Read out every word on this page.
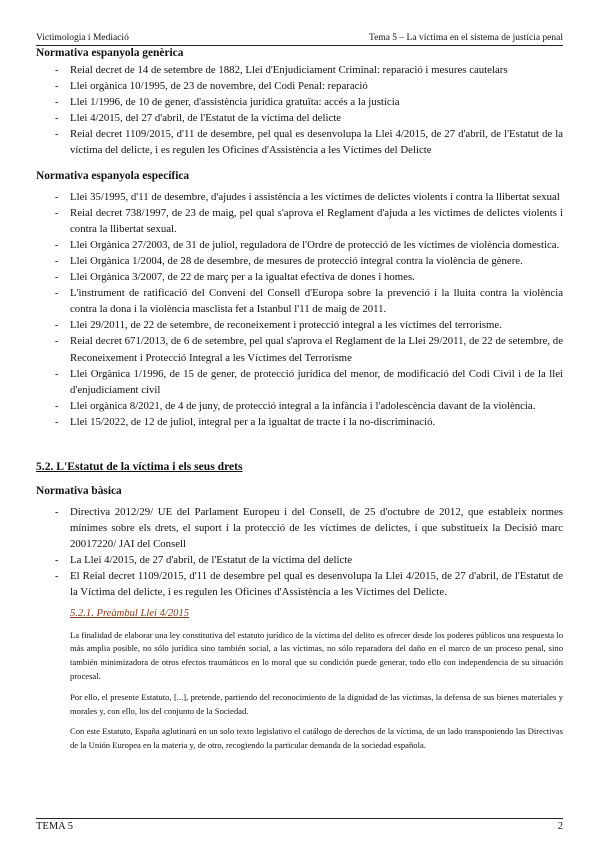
Victimologia i Mediació	Tema 5 – La víctima en el sistema de justícia penal
Normativa espanyola genèrica
- Reial decret de 14 de setembre de 1882, Llei d'Enjudiciament Criminal: reparació i mesures cautelars
- Llei orgànica 10/1995, de 23 de novembre, del Codi Penal: reparació
- Llei 1/1996, de 10 de gener, d'assistència jurídica gratuïta: accés a la justícia
- Llei 4/2015, del 27 d'abril, de l'Estatut de la víctima del delicte
- Reial decret 1109/2015, d'11 de desembre, pel qual es desenvolupa la Llei 4/2015, de 27 d'abril, de l'Estatut de la víctima del delicte, i es regulen les Oficines d'Assistència a les Víctimes del Delicte
Normativa espanyola específica
- Llei 35/1995, d'11 de desembre, d'ajudes i assistència a les víctimes de delictes violents i contra la llibertat sexual
- Reial decret 738/1997, de 23 de maig, pel qual s'aprova el Reglament d'ajuda a les víctimes de delictes violents i contra la llibertat sexual.
- Llei Orgànica 27/2003, de 31 de juliol, reguladora de l'Ordre de protecció de les víctimes de violència domestica.
- Llei Orgànica 1/2004, de 28 de desembre, de mesures de protecció integral contra la violència de gènere.
- Llei Orgànica 3/2007, de 22 de març per a la igualtat efectiva de dones i homes.
- L'instrument de ratificació del Conveni del Consell d'Europa sobre la prevenció i la lluita contra la violència contra la dona i la violència masclista fet a Istanbul l'11 de maig de 2011.
- Llei 29/2011, de 22 de setembre, de reconeixement i protecció integral a les víctimes del terrorisme.
- Reial decret 671/2013, de 6 de setembre, pel qual s'aprova el Reglament de la Llei 29/2011, de 22 de setembre, de Reconeixement i Protecció Integral a les Víctimes del Terrorisme
- Llei Orgànica 1/1996, de 15 de gener, de protecció jurídica del menor, de modificació del Codi Civil i de la llei d'enjudiciament civil
- Llei orgànica 8/2021, de 4 de juny, de protecció integral a la infància i l'adolescència davant de la violència.
- Llei 15/2022, de 12 de juliol, integral per a la igualtat de tracte i la no-discriminació.
5.2. L'Estatut de la víctima i els seus drets
Normativa bàsica
- Directiva 2012/29/ UE del Parlament Europeu i del Consell, de 25 d'octubre de 2012, que estableix normes mínimes sobre els drets, el suport i la protecció de les víctimes de delictes, i que substitueix la Decisió marc 20017220/ JAI del Consell
- La Llei 4/2015, de 27 d'abril, de l'Estatut de la víctima del delicte
- El Reial decret 1109/2015, d'11 de desembre pel qual es desenvolupa la Llei 4/2015, de 27 d'abril, de l'Estatut de la Víctima del delicte, i es regulen les Oficines d'Assistència a les Víctimes del Delicte.
5.2.1. Preàmbul Llei 4/2015

La finalidad de elaborar una ley constitutiva del estatuto jurídico de la víctima del delito es ofrecer desde los poderes públicos una respuesta lo más amplia posible, no sólo jurídica sino también social, a las víctimas, no sólo reparadora del daño en el marco de un proceso penal, sino también minimizadora de otros efectos traumáticos en lo moral que su condición puede generar, todo ello con independencia de su situación procesal.

Por ello, el presente Estatuto, [...], pretende, partiendo del reconocimiento de la dignidad de las víctimas, la defensa de sus bienes materiales y morales y, con ello, los del conjunto de la Sociedad.

Con este Estatuto, España aglutinará en un solo texto legislativo el catálogo de derechos de la víctima, de un lado transponiendo las Directivas de la Unión Europea en la materia y, de otro, recogiendo la particular demanda de la sociedad española.

TEMA 5	2
